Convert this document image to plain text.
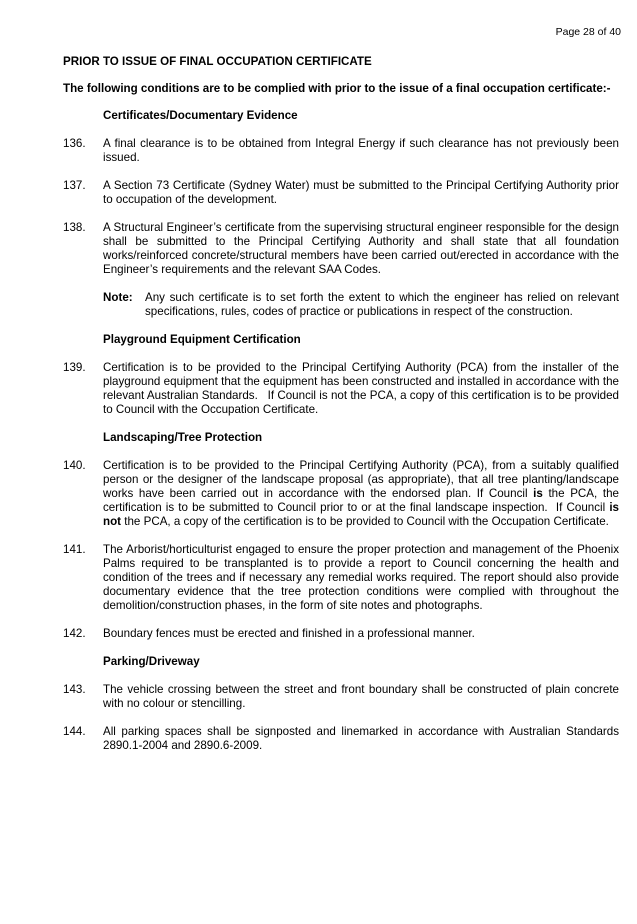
Page 28 of 40
PRIOR TO ISSUE OF FINAL OCCUPATION CERTIFICATE
The following conditions are to be complied with prior to the issue of a final occupation certificate:-
Certificates/Documentary Evidence
136.	A final clearance is to be obtained from Integral Energy if such clearance has not previously been issued.
137.	A Section 73 Certificate (Sydney Water) must be submitted to the Principal Certifying Authority prior to occupation of the development.
138.	A Structural Engineer’s certificate from the supervising structural engineer responsible for the design shall be submitted to the Principal Certifying Authority and shall state that all foundation works/reinforced concrete/structural members have been carried out/erected in accordance with the Engineer’s requirements and the relevant SAA Codes.
Note:	Any such certificate is to set forth the extent to which the engineer has relied on relevant specifications, rules, codes of practice or publications in respect of the construction.
Playground Equipment Certification
139.	Certification is to be provided to the Principal Certifying Authority (PCA) from the installer of the playground equipment that the equipment has been constructed and installed in accordance with the relevant Australian Standards.   If Council is not the PCA, a copy of this certification is to be provided to Council with the Occupation Certificate.
Landscaping/Tree Protection
140.	Certification is to be provided to the Principal Certifying Authority (PCA), from a suitably qualified person or the designer of the landscape proposal (as appropriate), that all tree planting/landscape works have been carried out in accordance with the endorsed plan. If Council is the PCA, the certification is to be submitted to Council prior to or at the final landscape inspection.  If Council is not the PCA, a copy of the certification is to be provided to Council with the Occupation Certificate.
141.	The Arborist/horticulturist engaged to ensure the proper protection and management of the Phoenix Palms required to be transplanted is to provide a report to Council concerning the health and condition of the trees and if necessary any remedial works required. The report should also provide documentary evidence that the tree protection conditions were complied with throughout the demolition/construction phases, in the form of site notes and photographs.
142.	Boundary fences must be erected and finished in a professional manner.
Parking/Driveway
143.	The vehicle crossing between the street and front boundary shall be constructed of plain concrete with no colour or stencilling.
144.	All parking spaces shall be signposted and linemarked in accordance with Australian Standards 2890.1-2004 and 2890.6-2009.
